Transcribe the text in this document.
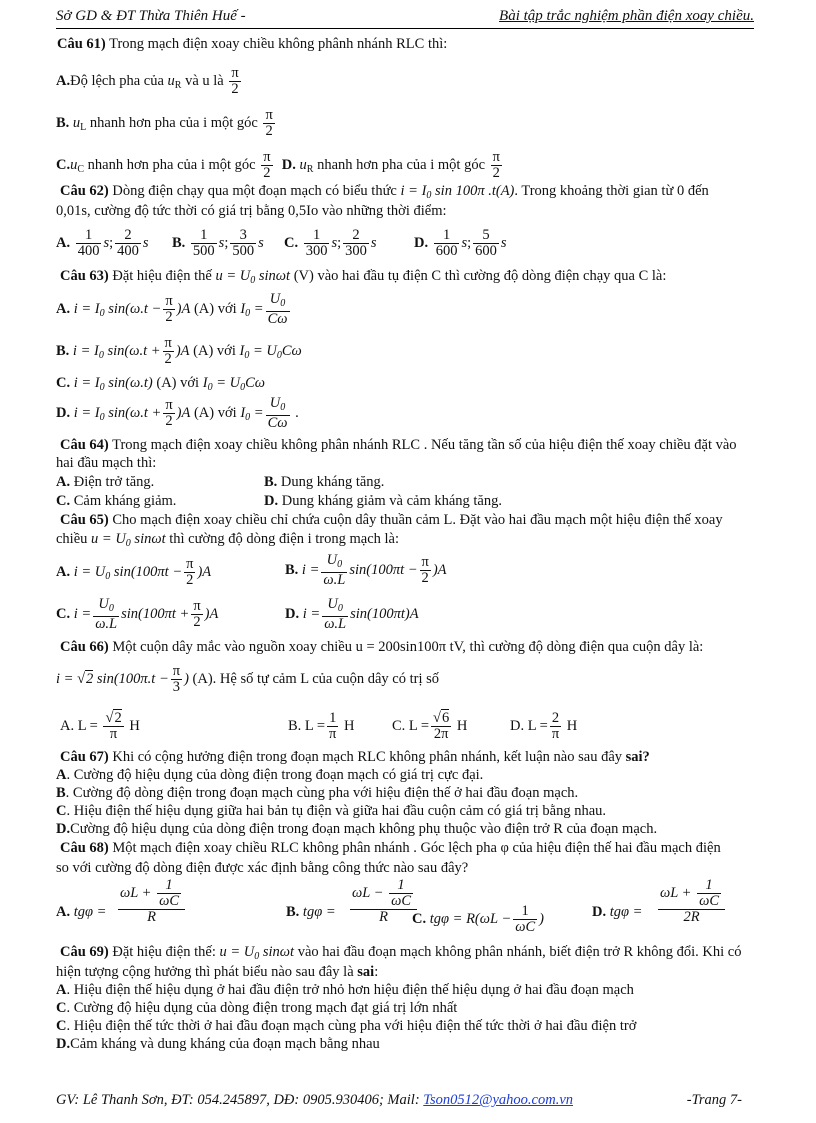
Sở GD & ĐT Thừa Thiên Huế -	Bài tập trắc nghiệm phần điện xoay chiều.
Câu 61) Trong mạch điện xoay chiều không phânh nhánh RLC thì:
A.Độ lệch pha của $u_R$ và u là $\frac{\pi}{2}$
B. $u_L$ nhanh hơn pha của i một góc $\frac{\pi}{2}$
$C.u_C$ nhanh hơn pha của i một góc $\frac{\pi}{2} D$. $u_R$ nhanh hơn pha của i một góc $\frac{\pi}{2}$
Câu 62) Dòng điện chạy qua một đoạn mạch có biểu thức $i = I_0$ sin 100π .t(A). Trong khoảng thời gian từ 0 đến
0,01s, cường độ tức thời có giá trị bằng 0,5Io vào những thời điểm:
A. $\frac{1}{400} s$; $\frac{2}{400}$ s B. $\frac{1}{500} s$; $\frac{3}{500}$ s C. $\frac{1}{300} s$; $\frac{2}{300}$ s	D. $\frac{1}{600} s$; $\frac{5}{600}$ s
Câu 63) Đặt hiệu điện thế $u = U_0$ sinωt (V) vào hai đầu tụ điện C thì cường độ dòng điện chạy qua C là:
A. $i = I_0$ $\sin(\omega.t - \frac{\pi}{2} )A$ (A) với $I_0 = \frac{U_0}{C\omega}$
B. $i = I_0$ $\sin(\omega.t + \frac{\pi}{2} )A$ (A) với $I_0 = U_0C\omega$
C. $i = I_0$ sin(ω.t) (A) với $I_0 = U_0C\omega$
D. $i = I_0$ $\sin(\omega.t + \frac{\pi}{2} )A$ (A) với $I_0 = \frac{U_0}{C\omega}$ .
Câu 64) Trong mạch điện xoay chiều không phân nhánh RLC . Nếu tăng tần số của hiệu điện thế xoay chiều đặt vào
hai đầu mạch thì:
A. Điện trở tăng.	B. Dung kháng tăng.
C. Cảm kháng giảm.	D. Dung kháng giảm và cảm kháng tăng.
Câu 65) Cho mạch điện xoay chiều chỉ chứa cuộn dây thuần cảm L. Đặt vào hai đầu mạch một hiệu điện thế xoay
chiều $u = U_0$ sinωt thì cường độ dòng điện i trong mạch là:
A. $i = U_0$ $\sin(100\pi t - \frac{\pi}{2} )A$	B. $i = \frac{U_0}{\omega.L} \sin(100\pi t - \frac{\pi}{2} )A$
C. $i = \frac{U_0}{\omega.L} \sin(100\pi t + \frac{\pi}{2} )A$	D. $i = \frac{U_0}{\omega.L} \sin(100\pi t)A$
Câu 66) Một cuộn dây mắc vào nguồn xoay chiều u = 200sin100π tV, thì cường độ dòng điện qua cuộn dây là:
i = √2 $\sin(100\pi.t - \frac{\pi}{3}$ ) (A). Hệ số tự cảm L của cuộn dây có trị số
A. $L = \frac{√2}{\pi}$ H	B. $L = \frac{1}{\pi}$ H	C. $L = \frac{√6}{2\pi}$ H	D. $L = \frac{2}{\pi}$ H
Câu 67) Khi có cộng hưởng điện trong đoạn mạch RLC không phân nhánh, kết luận nào sau đây sai?
A. Cường độ hiệu dụng của dòng điện trong đoạn mạch có giá trị cực đại.
B. Cường độ dòng điện trong đoạn mạch cùng pha với hiệu điện thế ở hai đầu đoạn mạch.
C. Hiệu điện thế hiệu dụng giữa hai bản tụ điện và giữa hai đầu cuộn cảm có giá trị bằng nhau.
D.Cường độ hiệu dụng của dòng điện trong đoạn mạch không phụ thuộc vào điện trở R của đoạn mạch.
Câu 68) Một mạch điện xoay chiều RLC không phân nhánh . Góc lệch pha φ của hiệu điện thế hai đầu mạch điện
so với cường độ dòng điện được xác định bằng công thức nào sau đây?
A. $tg\varphi = \frac{\omega L + \frac{1}{\omega C}}{R}$	B. $tg\varphi = \frac{\omega L - \frac{1}{\omega C}}{R}$
C. $tg\varphi = R(\omega L - \frac{1}{\omega C}$ )	D. $tg\varphi = \frac{\omega L + \frac{1}{\omega C}}{2R}$
Câu 69) Đặt hiệu điện thế: $u = U_0$ sinωt vào hai đầu đoạn mạch không phân nhánh, biết điện trở R không đổi. Khi có
hiện tượng cộng hưởng thì phát biểu nào sau đây là sai:
A. Hiệu điện thế hiệu dụng ở hai đầu điện trở nhỏ hơn hiệu điện thế hiệu dụng ở hai đầu đoạn mạch
C. Cường độ hiệu dụng của dòng điện trong mạch đạt giá trị lớn nhất
C. Hiệu điện thế tức thời ở hai đầu đoạn mạch cùng pha với hiệu điện thế tức thời ở hai đầu điện trở
D.Cảm kháng và dung kháng của đoạn mạch bằng nhau
GV: Lê Thanh Sơn, ĐT: 054.245897, DĐ: 0905.930406; Mail: Tson0512@yahoo.com.vn	-Trang 7-
